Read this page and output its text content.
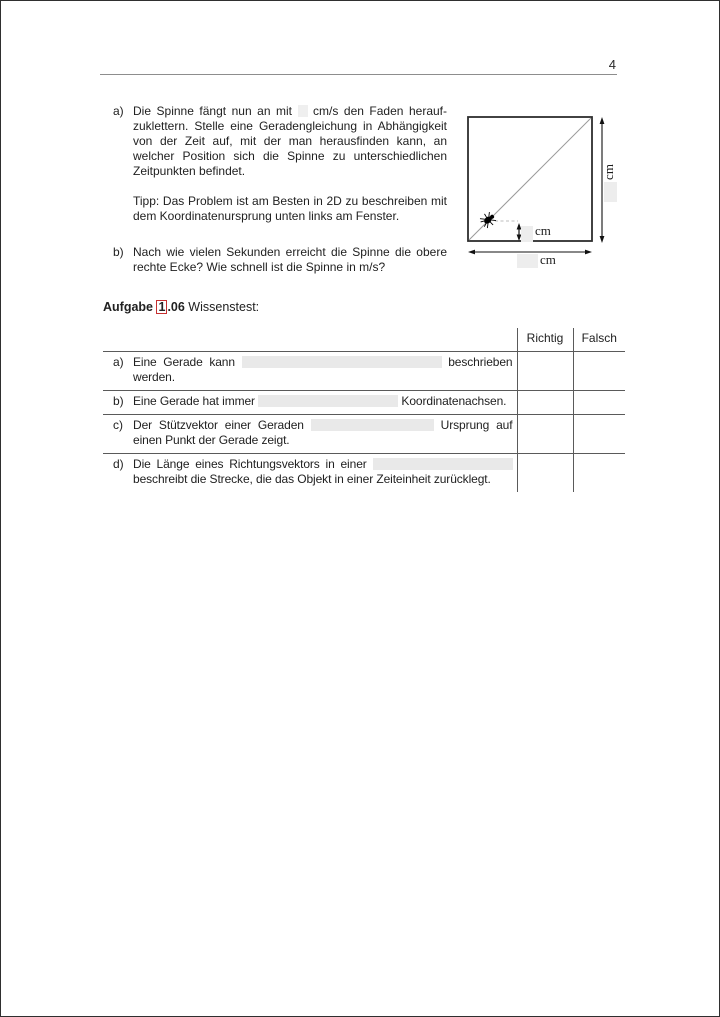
4
a) Die Spinne fängt nun an mit  cm/s den Faden heraufzuklettern. Stelle eine Geradengleichung in Abhängigkeit von der Zeit auf, mit der man herausfinden kann, an welcher Position sich die Spinne zu unterschiedlichen Zeitpunkten befindet.

Tipp: Das Problem ist am Besten in 2D zu beschreiben mit dem Koordinatenursprung unten links am Fenster.

b) Nach wie vielen Sekunden erreicht die Spinne die obere rechte Ecke? Wie schnell ist die Spinne in m/s?

cm
cm
cm
Aufgabe 1 .06 Wissenstest:
	Richtig	Falsch

a) Eine Gerade kann beschrieben werden.		

b) Eine Gerade hat immer Koordinatenachsen.		

c) Der Stützvektor einer Geraden Ursprung auf einen Punkt der Gerade zeigt.		

d) Die Länge eines Richtungsvektors in einer  beschreibt die Strecke, die das Objekt in einer Zeiteinheit zurücklegt.		
